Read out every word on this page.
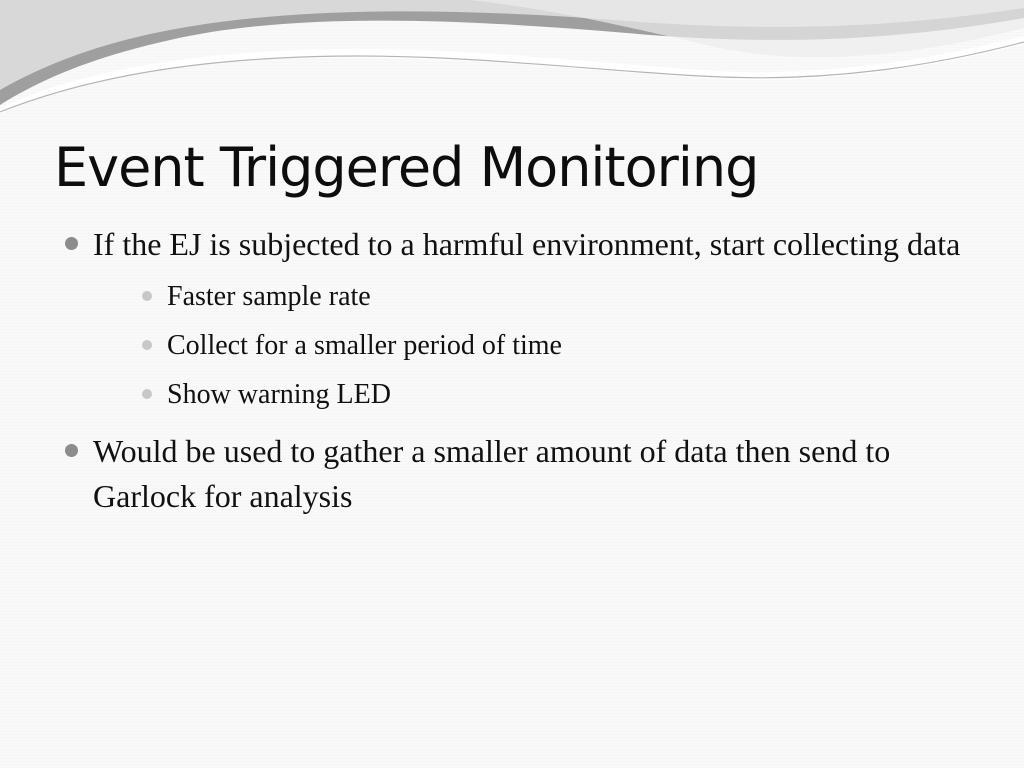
Event Triggered Monitoring
If the EJ is subjected to a harmful environment, start collecting data
Faster sample rate
Collect for a smaller period of time
Show warning LED
Would be used to gather a smaller amount of data then send to Garlock for analysis
